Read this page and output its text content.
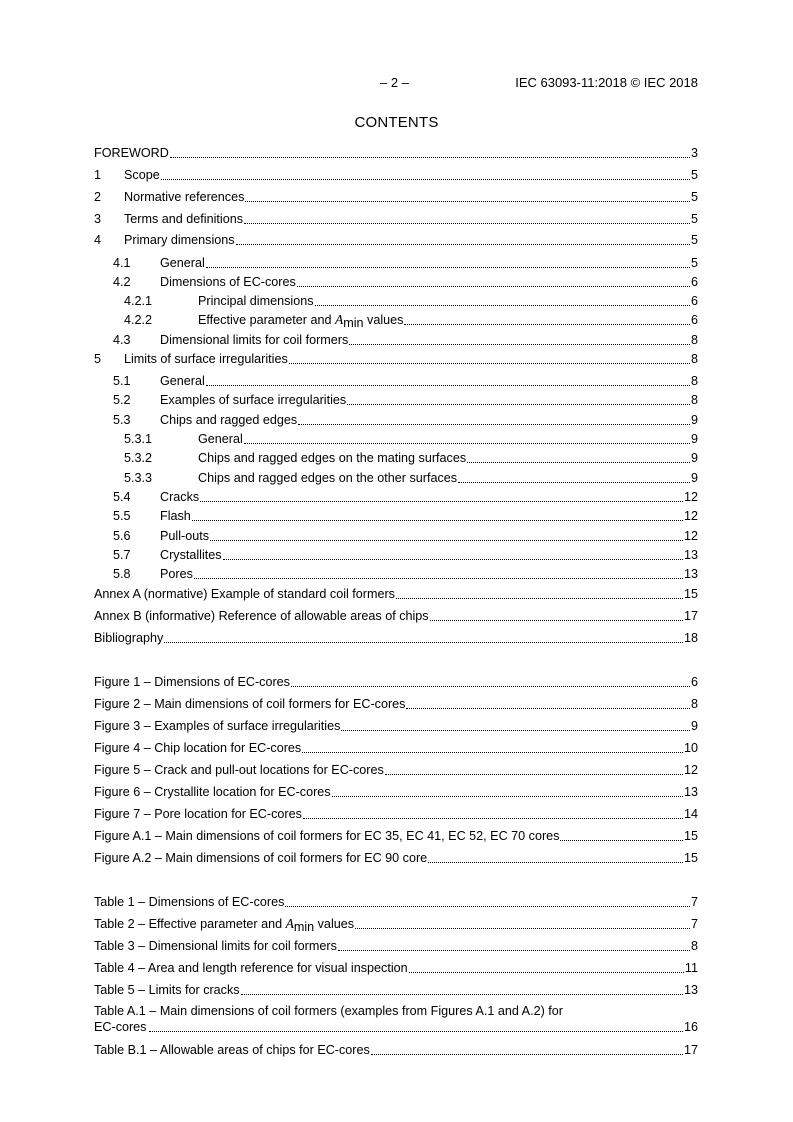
– 2 –	IEC 63093-11:2018 © IEC 2018
CONTENTS
FOREWORD	3
1	Scope	5
2	Normative references	5
3	Terms and definitions	5
4	Primary dimensions	5
4.1	General	5
4.2	Dimensions of EC-cores	6
4.2.1	Principal dimensions	6
4.2.2	Effective parameter and Amin values	6
4.3	Dimensional limits for coil formers	8
5	Limits of surface irregularities	8
5.1	General	8
5.2	Examples of surface irregularities	8
5.3	Chips and ragged edges	9
5.3.1	General	9
5.3.2	Chips and ragged edges on the mating surfaces	9
5.3.3	Chips and ragged edges on the other surfaces	9
5.4	Cracks	12
5.5	Flash	12
5.6	Pull-outs	12
5.7	Crystallites	13
5.8	Pores	13
Annex A (normative) Example of standard coil formers	15
Annex B (informative) Reference of allowable areas of chips	17
Bibliography	18
Figure 1 – Dimensions of EC-cores	6
Figure 2 – Main dimensions of coil formers for EC-cores	8
Figure 3 – Examples of surface irregularities	9
Figure 4 – Chip location for EC-cores	10
Figure 5 – Crack and pull-out locations for EC-cores	12
Figure 6 – Crystallite location for EC-cores	13
Figure 7 – Pore location for EC-cores	14
Figure A.1 – Main dimensions of coil formers for EC 35, EC 41, EC 52, EC 70 cores	15
Figure A.2 – Main dimensions of coil formers for EC 90 core	15
Table 1 – Dimensions of EC-cores	7
Table 2 – Effective parameter and Amin values	7
Table 3 – Dimensional limits for coil formers	8
Table 4 – Area and length reference for visual inspection	11
Table 5 – Limits for cracks	13
Table A.1 – Main dimensions of coil formers (examples from Figures A.1 and A.2) for
EC-cores	16
Table B.1 – Allowable areas of chips for EC-cores	17
